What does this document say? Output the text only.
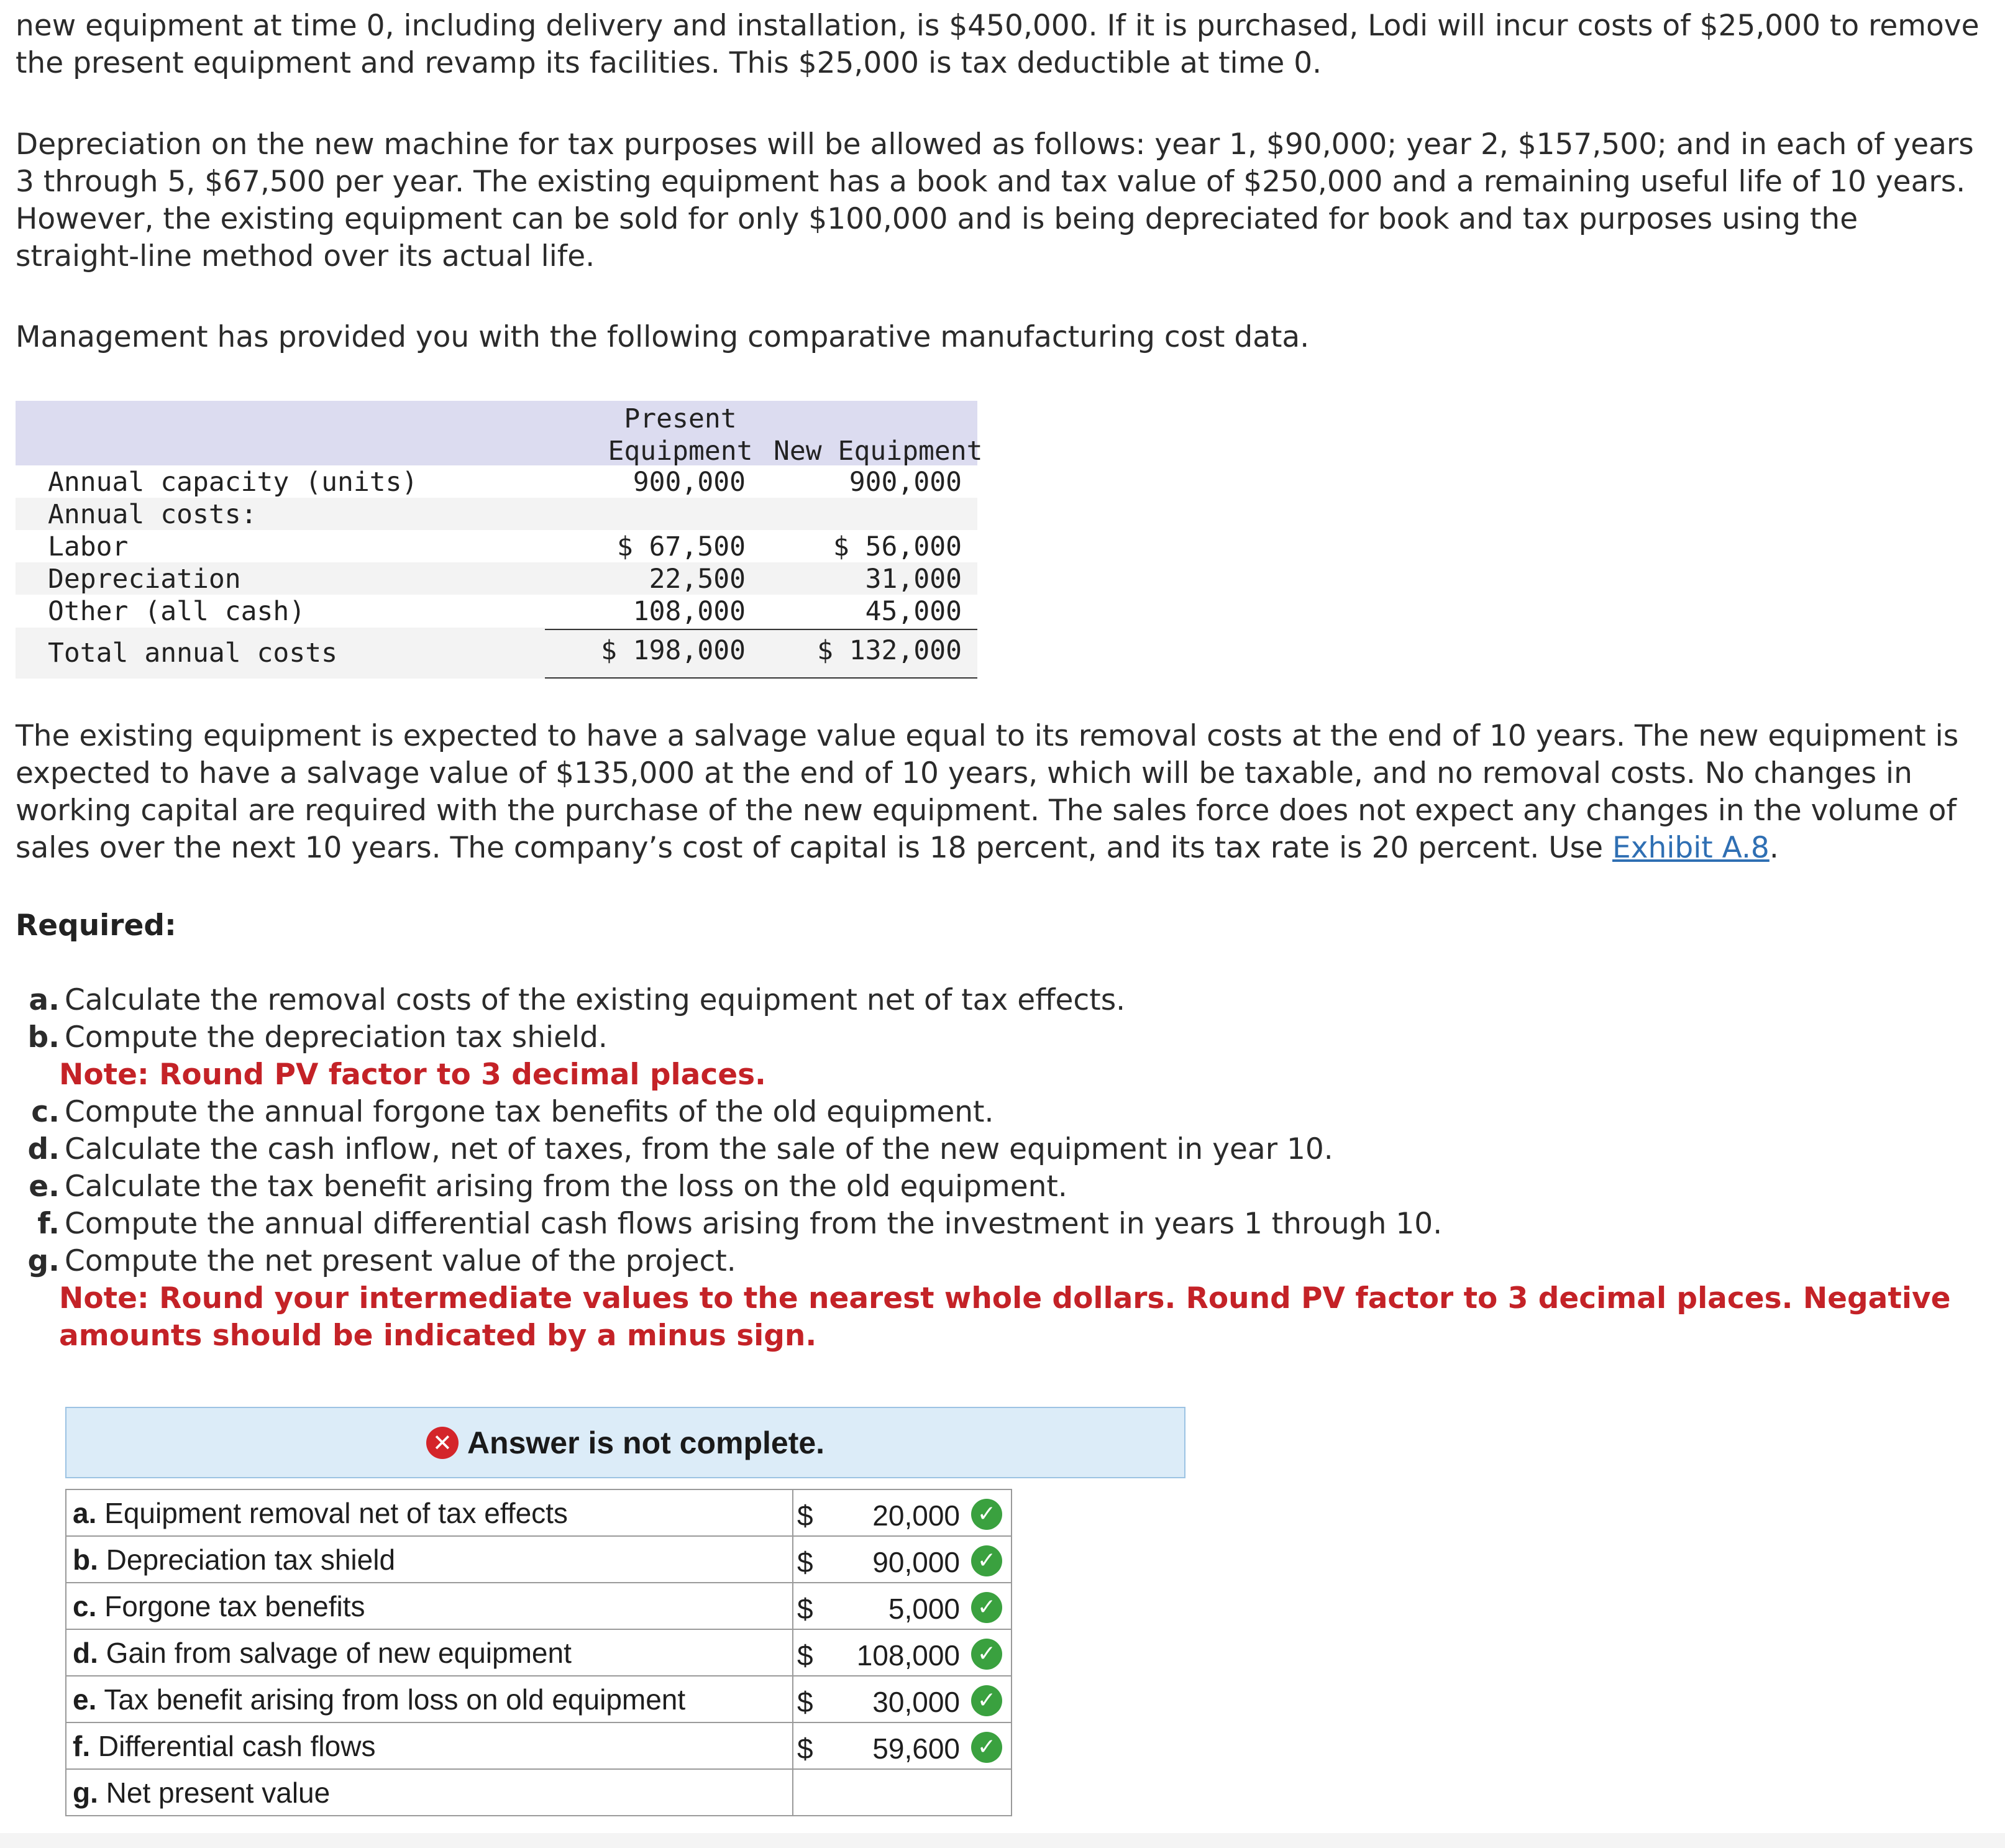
new equipment at time 0, including delivery and installation, is $450,000. If it is purchased, Lodi will incur costs of $25,000 to remove the present equipment and revamp its facilities. This $25,000 is tax deductible at time 0.

Depreciation on the new machine for tax purposes will be allowed as follows: year 1, $90,000; year 2, $157,500; and in each of years 3 through 5, $67,500 per year. The existing equipment has a book and tax value of $250,000 and a remaining useful life of 10 years. However, the existing equipment can be sold for only $100,000 and is being depreciated for book and tax purposes using the straight-line method over its actual life.

Management has provided you with the following comparative manufacturing cost data.

Present
Equipment New Equipment
Annual capacity (units)	900,000	900,000
Annual costs:
Labor	$ 67,500	$ 56,000
Depreciation	22,500	31,000
Other (all cash)	108,000	45,000
Total annual costs	$ 198,000	$ 132,000

The existing equipment is expected to have a salvage value equal to its removal costs at the end of 10 years. The new equipment is expected to have a salvage value of $135,000 at the end of 10 years, which will be taxable, and no removal costs. No changes in working capital are required with the purchase of the new equipment. The sales force does not expect any changes in the volume of sales over the next 10 years. The company’s cost of capital is 18 percent, and its tax rate is 20 percent. Use Exhibit A.8.

Required:
a. Calculate the removal costs of the existing equipment net of tax effects.
b. Compute the depreciation tax shield.
Note: Round PV factor to 3 decimal places.
c. Compute the annual forgone tax benefits of the old equipment.
d. Calculate the cash inflow, net of taxes, from the sale of the new equipment in year 10.
e. Calculate the tax benefit arising from the loss on the old equipment.
f. Compute the annual differential cash flows arising from the investment in years 1 through 10.
g. Compute the net present value of the project.
Note: Round your intermediate values to the nearest whole dollars. Round PV factor to 3 decimal places. Negative amounts should be indicated by a minus sign.
✕ Answer is not complete.
a. Equipment removal net of tax effects	$ 20,000 ✓

b. Depreciation tax shield	$ 90,000 ✓

c. Forgone tax benefits	$ 5,000 ✓

d. Gain from salvage of new equipment	$ 108,000 ✓

e. Tax benefit arising from loss on old equipment	$ 30,000 ✓

f. Differential cash flows	$ 59,600 ✓

g. Net present value	
